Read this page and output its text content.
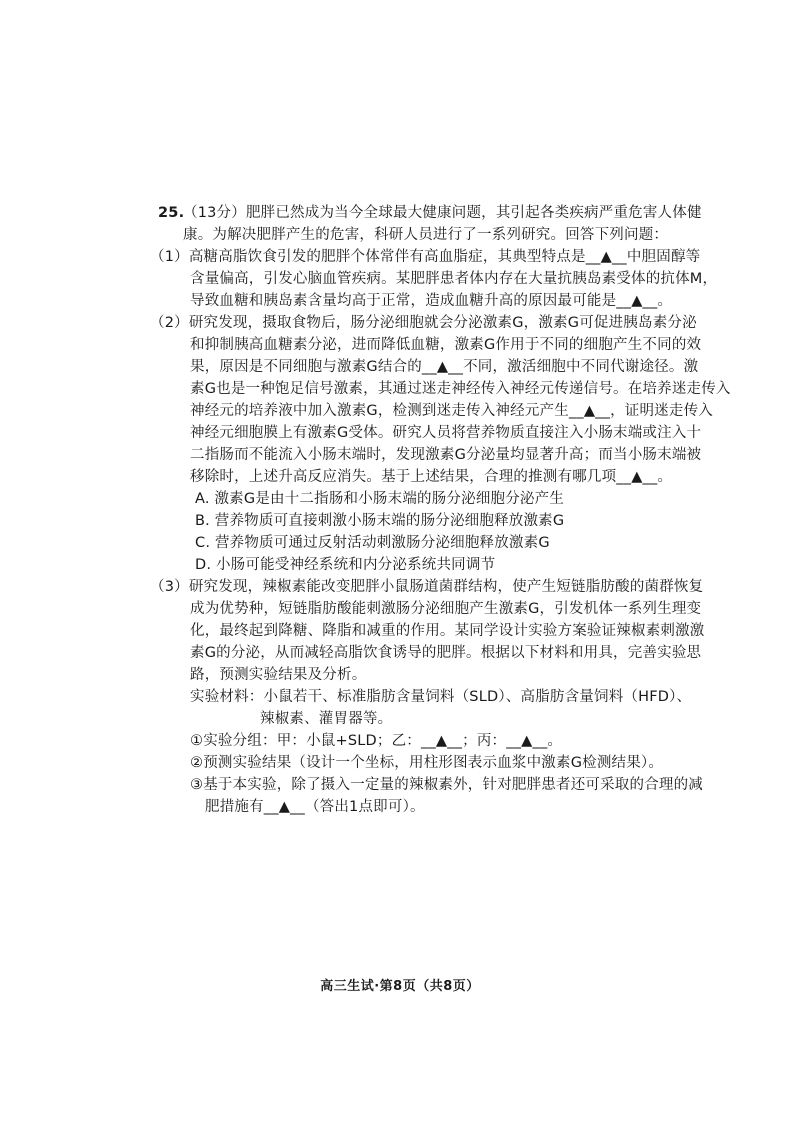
25.
（13分）肥胖已然成为当今全球最大健康问题，其引起各类疾病严重危害人体健
康。为解决肥胖产生的危害，科研人员进行了一系列研究。回答下列问题：
（1）高糖高脂饮食引发的肥胖个体常伴有高血脂症，其典型特点是__▲__中胆固醇等
含量偏高，引发心脑血管疾病。某肥胖患者体内存在大量抗胰岛素受体的抗体M，
导致血糖和胰岛素含量均高于正常，造成血糖升高的原因最可能是__▲__。
（2）研究发现，摄取食物后，肠分泌细胞就会分泌激素G，激素G可促进胰岛素分泌
和抑制胰高血糖素分泌，进而降低血糖，激素G作用于不同的细胞产生不同的效
果，原因是不同细胞与激素G结合的__▲__不同，激活细胞中不同代谢途径。激
素G也是一种饱足信号激素，其通过迷走神经传入神经元传递信号。在培养迷走传入
神经元的培养液中加入激素G，检测到迷走传入神经元产生__▲__，证明迷走传入
神经元细胞膜上有激素G受体。研究人员将营养物质直接注入小肠末端或注入十
二指肠而不能流入小肠末端时，发现激素G分泌量均显著升高；而当小肠末端被
移除时，上述升高反应消失。基于上述结果，合理的推测有哪几项__▲__。
A. 激素G是由十二指肠和小肠末端的肠分泌细胞分泌产生
B. 营养物质可直接刺激小肠末端的肠分泌细胞释放激素G
C. 营养物质可通过反射活动刺激肠分泌细胞释放激素G
D. 小肠可能受神经系统和内分泌系统共同调节
（3）研究发现，辣椒素能改变肥胖小鼠肠道菌群结构，使产生短链脂肪酸的菌群恢复
成为优势种，短链脂肪酸能刺激肠分泌细胞产生激素G，引发机体一系列生理变
化，最终起到降糖、降脂和减重的作用。某同学设计实验方案验证辣椒素刺激激
素G的分泌，从而减轻高脂饮食诱导的肥胖。根据以下材料和用具，完善实验思
路，预测实验结果及分析。
实验材料：小鼠若干、标准脂肪含量饲料（SLD）、高脂肪含量饲料（HFD）、
辣椒素、灌胃器等。
①实验分组：甲：小鼠+SLD；乙：__▲__；丙：__▲__。
②预测实验结果（设计一个坐标，用柱形图表示血浆中激素G检测结果）。
③基于本实验，除了摄入一定量的辣椒素外，针对肥胖患者还可采取的合理的减
肥措施有__▲__（答出1点即可）。
高三生试·第8页（共8页）
